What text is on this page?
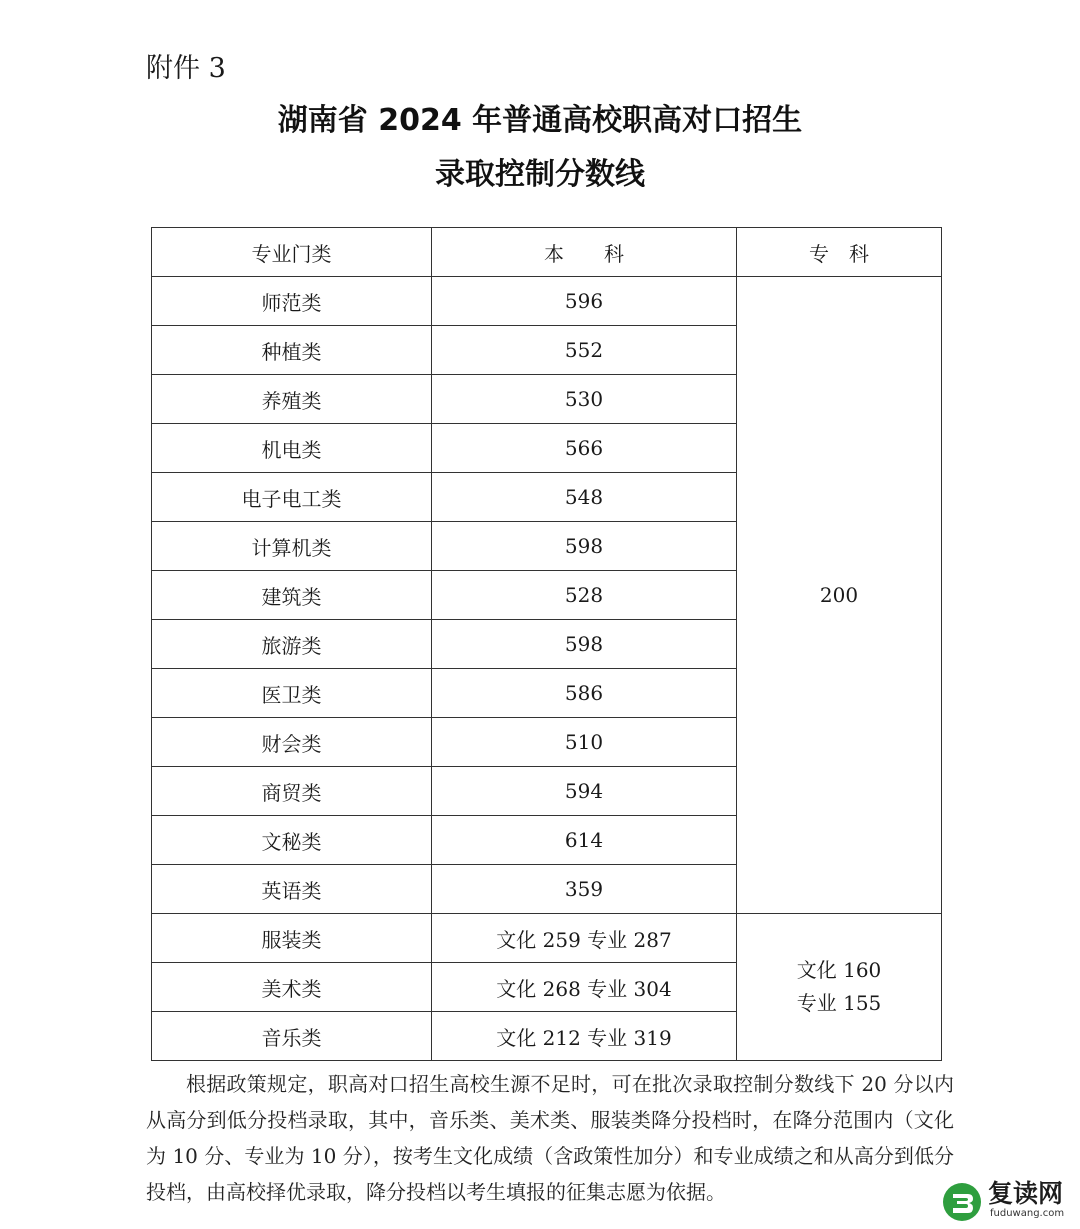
附件 3
湖南省 2024 年普通高校职高对口招生
录取控制分数线
专业门类	本　　科	专　科
师范类	596	200
种植类	552	
养殖类	530	
机电类	566	
电子电工类	548	
计算机类	598	
建筑类	528	
旅游类	598	
医卫类	586	
财会类	510	
商贸类	594	
文秘类	614	
英语类	359	
服装类	文化 259 专业 287	文化 160
专业 155

美术类	文化 268 专业 304	
音乐类	文化 212 专业 319	

根据政策规定，职高对口招生高校生源不足时，可在批次录取控制分数线下 20 分以内从高分到低分投档录取，其中，音乐类、美术类、服装类降分投档时，在降分范围内（文化为 10 分、专业为 10 分），按考生文化成绩（含政策性加分）和专业成绩之和从高分到低分投档，由高校择优录取，降分投档以考生填报的征集志愿为依据。	复读网
fuduwang.com
